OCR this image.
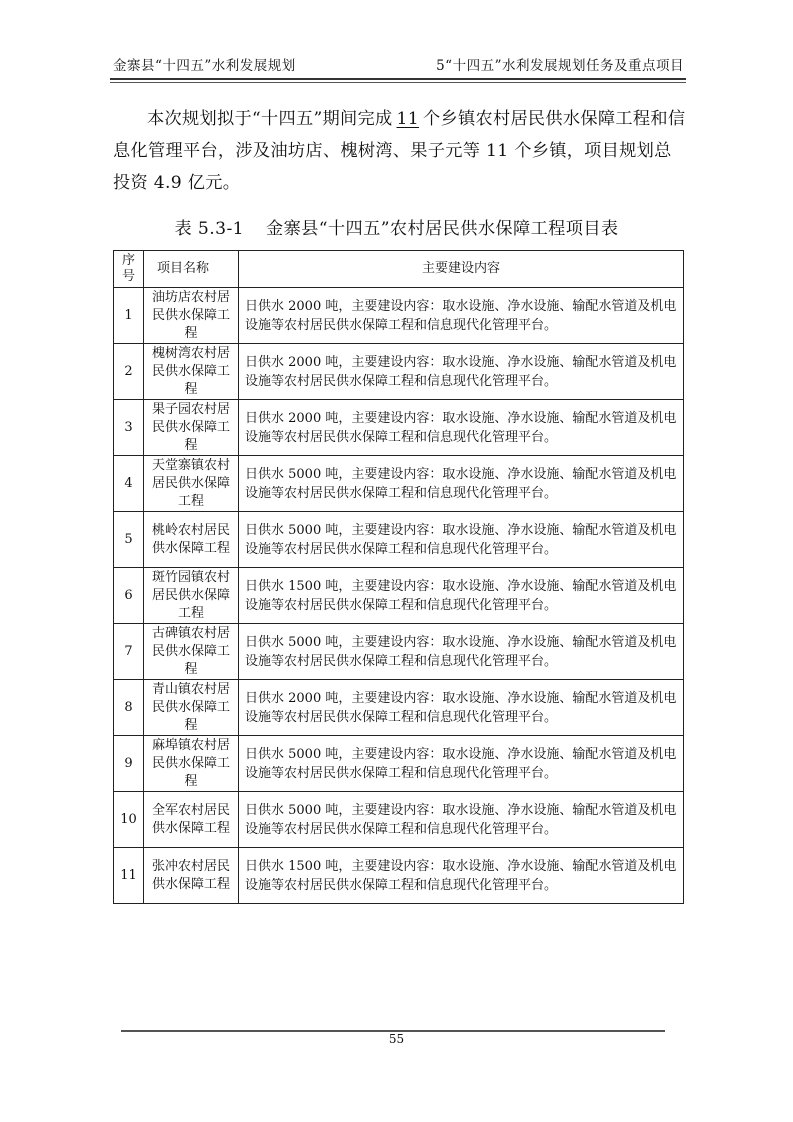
金寨县“十四五”水利发展规划	5“十四五”水利发展规划任务及重点项目

本次规划拟于“十四五”期间完成 11 个乡镇农村居民供水保障工程和信息化管理平台，涉及油坊店、槐树湾、果子元等 11 个乡镇，项目规划总投资 4.9 亿元。

表 5.3-1 金寨县“十四五”农村居民供水保障工程项目表
序号	项目名称	主要建设内容
1	油坊店农村居民供水保障工程	日供水 2000 吨，主要建设内容：取水设施、净水设施、输配水管道及机电设施等农村居民供水保障工程和信息现代化管理平台。
2	槐树湾农村居民供水保障工程	日供水 2000 吨，主要建设内容：取水设施、净水设施、输配水管道及机电设施等农村居民供水保障工程和信息现代化管理平台。
3	果子园农村居民供水保障工程	日供水 2000 吨，主要建设内容：取水设施、净水设施、输配水管道及机电设施等农村居民供水保障工程和信息现代化管理平台。
4	天堂寨镇农村居民供水保障工程	日供水 5000 吨，主要建设内容：取水设施、净水设施、输配水管道及机电设施等农村居民供水保障工程和信息现代化管理平台。
5	桃岭农村居民供水保障工程	日供水 5000 吨，主要建设内容：取水设施、净水设施、输配水管道及机电设施等农村居民供水保障工程和信息现代化管理平台。
6	斑竹园镇农村居民供水保障工程	日供水 1500 吨，主要建设内容：取水设施、净水设施、输配水管道及机电设施等农村居民供水保障工程和信息现代化管理平台。
7	古碑镇农村居民供水保障工程	日供水 5000 吨，主要建设内容：取水设施、净水设施、输配水管道及机电设施等农村居民供水保障工程和信息现代化管理平台。
8	青山镇农村居民供水保障工程	日供水 2000 吨，主要建设内容：取水设施、净水设施、输配水管道及机电设施等农村居民供水保障工程和信息现代化管理平台。
9	麻埠镇农村居民供水保障工程	日供水 5000 吨，主要建设内容：取水设施、净水设施、输配水管道及机电设施等农村居民供水保障工程和信息现代化管理平台。
10	全军农村居民供水保障工程	日供水 5000 吨，主要建设内容：取水设施、净水设施、输配水管道及机电设施等农村居民供水保障工程和信息现代化管理平台。
11	张冲农村居民供水保障工程	日供水 1500 吨，主要建设内容：取水设施、净水设施、输配水管道及机电设施等农村居民供水保障工程和信息现代化管理平台。
55
